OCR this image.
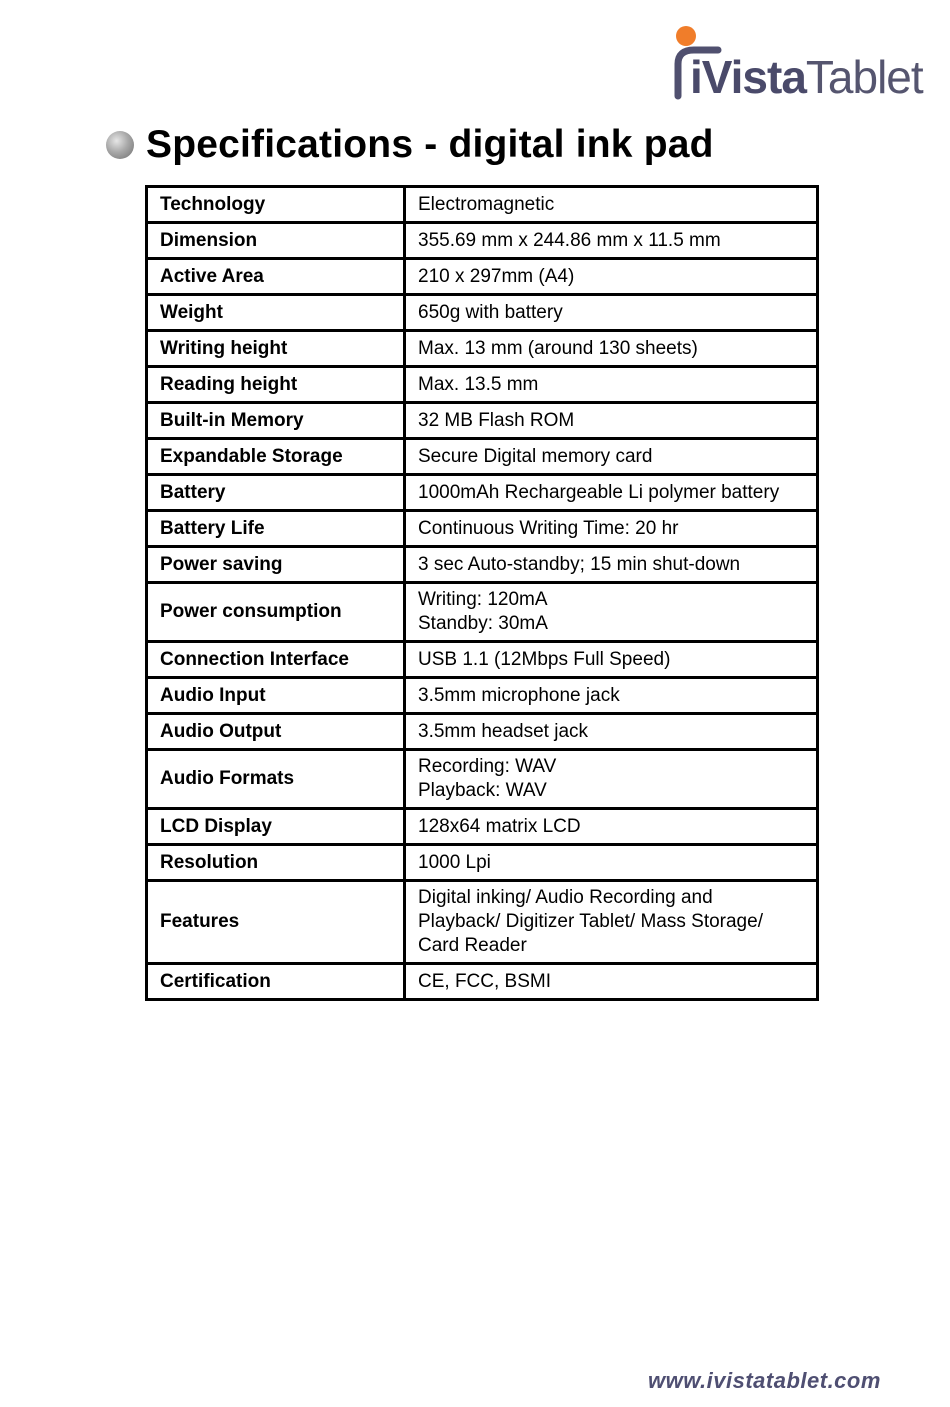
iVistaTablet
Specifications - digital ink pad
Technology	Electromagnetic
Dimension	355.69 mm x 244.86 mm x 11.5 mm
Active Area	210 x 297mm (A4)
Weight	650g with battery
Writing height	Max. 13 mm (around 130 sheets)
Reading height	Max. 13.5 mm
Built-in Memory	32 MB Flash ROM
Expandable Storage	Secure Digital memory card
Battery	1000mAh Rechargeable Li polymer battery
Battery Life	Continuous Writing Time: 20 hr
Power saving	3 sec Auto-standby; 15 min shut-down
Power consumption	Writing: 120mA
Standby: 30mA
Connection Interface	USB 1.1 (12Mbps Full Speed)
Audio Input	3.5mm microphone jack
Audio Output	3.5mm headset jack
Audio Formats	Recording: WAV
Playback: WAV
LCD Display	128x64 matrix LCD
Resolution	1000 Lpi
Features	Digital inking/ Audio Recording and
Playback/ Digitizer Tablet/ Mass Storage/
Card Reader
Certification	CE, FCC, BSMI
www.ivistatablet.com
